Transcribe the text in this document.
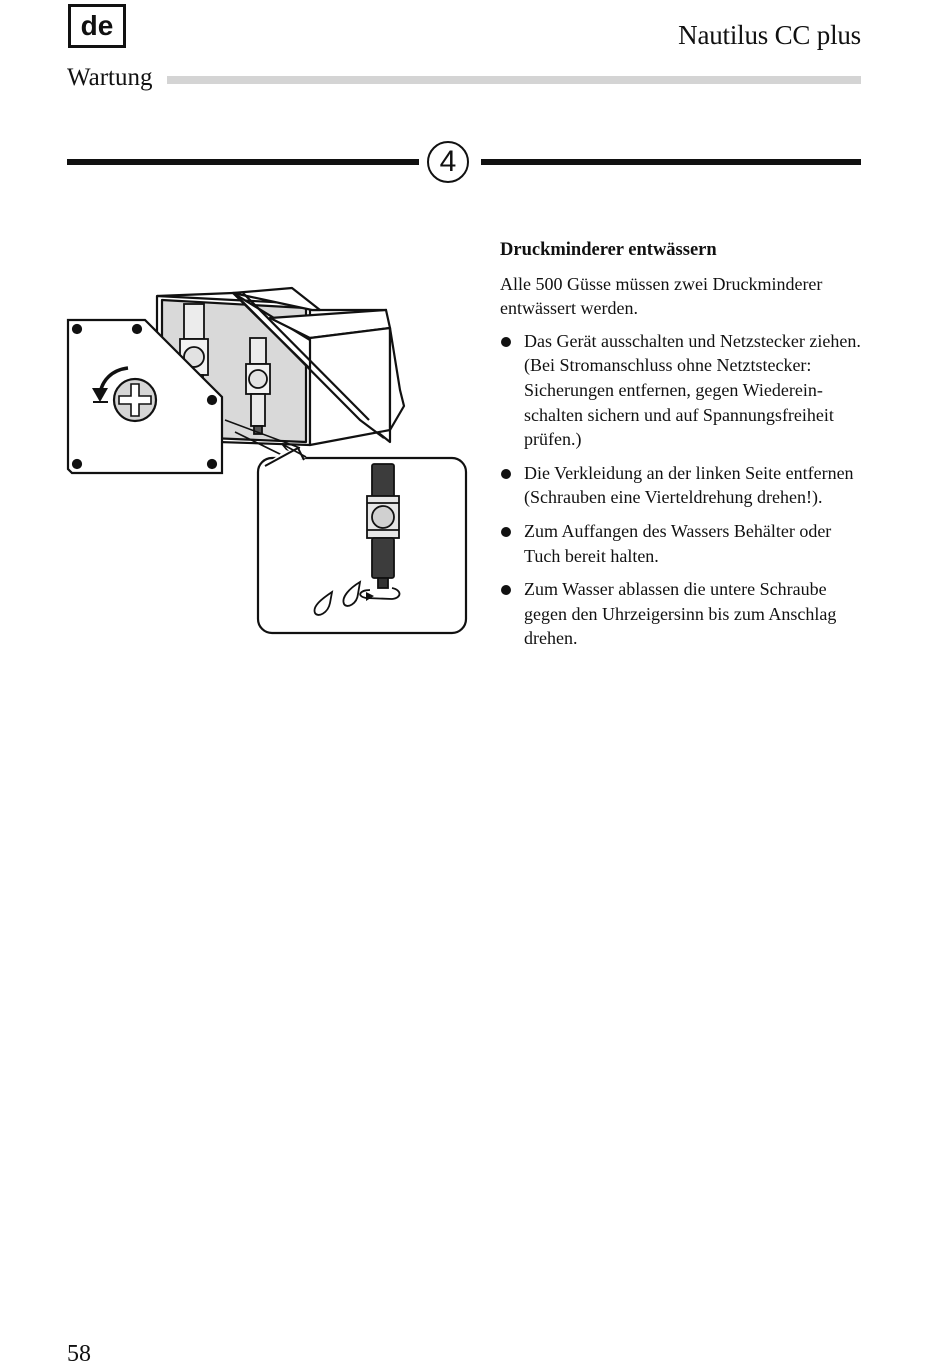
de	Nautilus CC plus
Wartung
4
Druckminderer entwässern
Alle 500 Güsse müssen zwei Druckminderer entwässert werden.
Das Gerät ausschalten und Netzstecker ziehen. (Bei Stromanschluss ohne Netztstecker: Sicherungen entfernen, gegen Wiederein-schalten sichern und auf Spannungsfreiheit prüfen.)
Die Verkleidung an der linken Seite entfernen (Schrauben eine Vierteldrehung drehen!).
Zum Auffangen des Wassers Behälter oder Tuch bereit halten.
Zum Wasser ablassen die untere Schraube gegen den Uhrzeigersinn bis zum Anschlag drehen.
58
